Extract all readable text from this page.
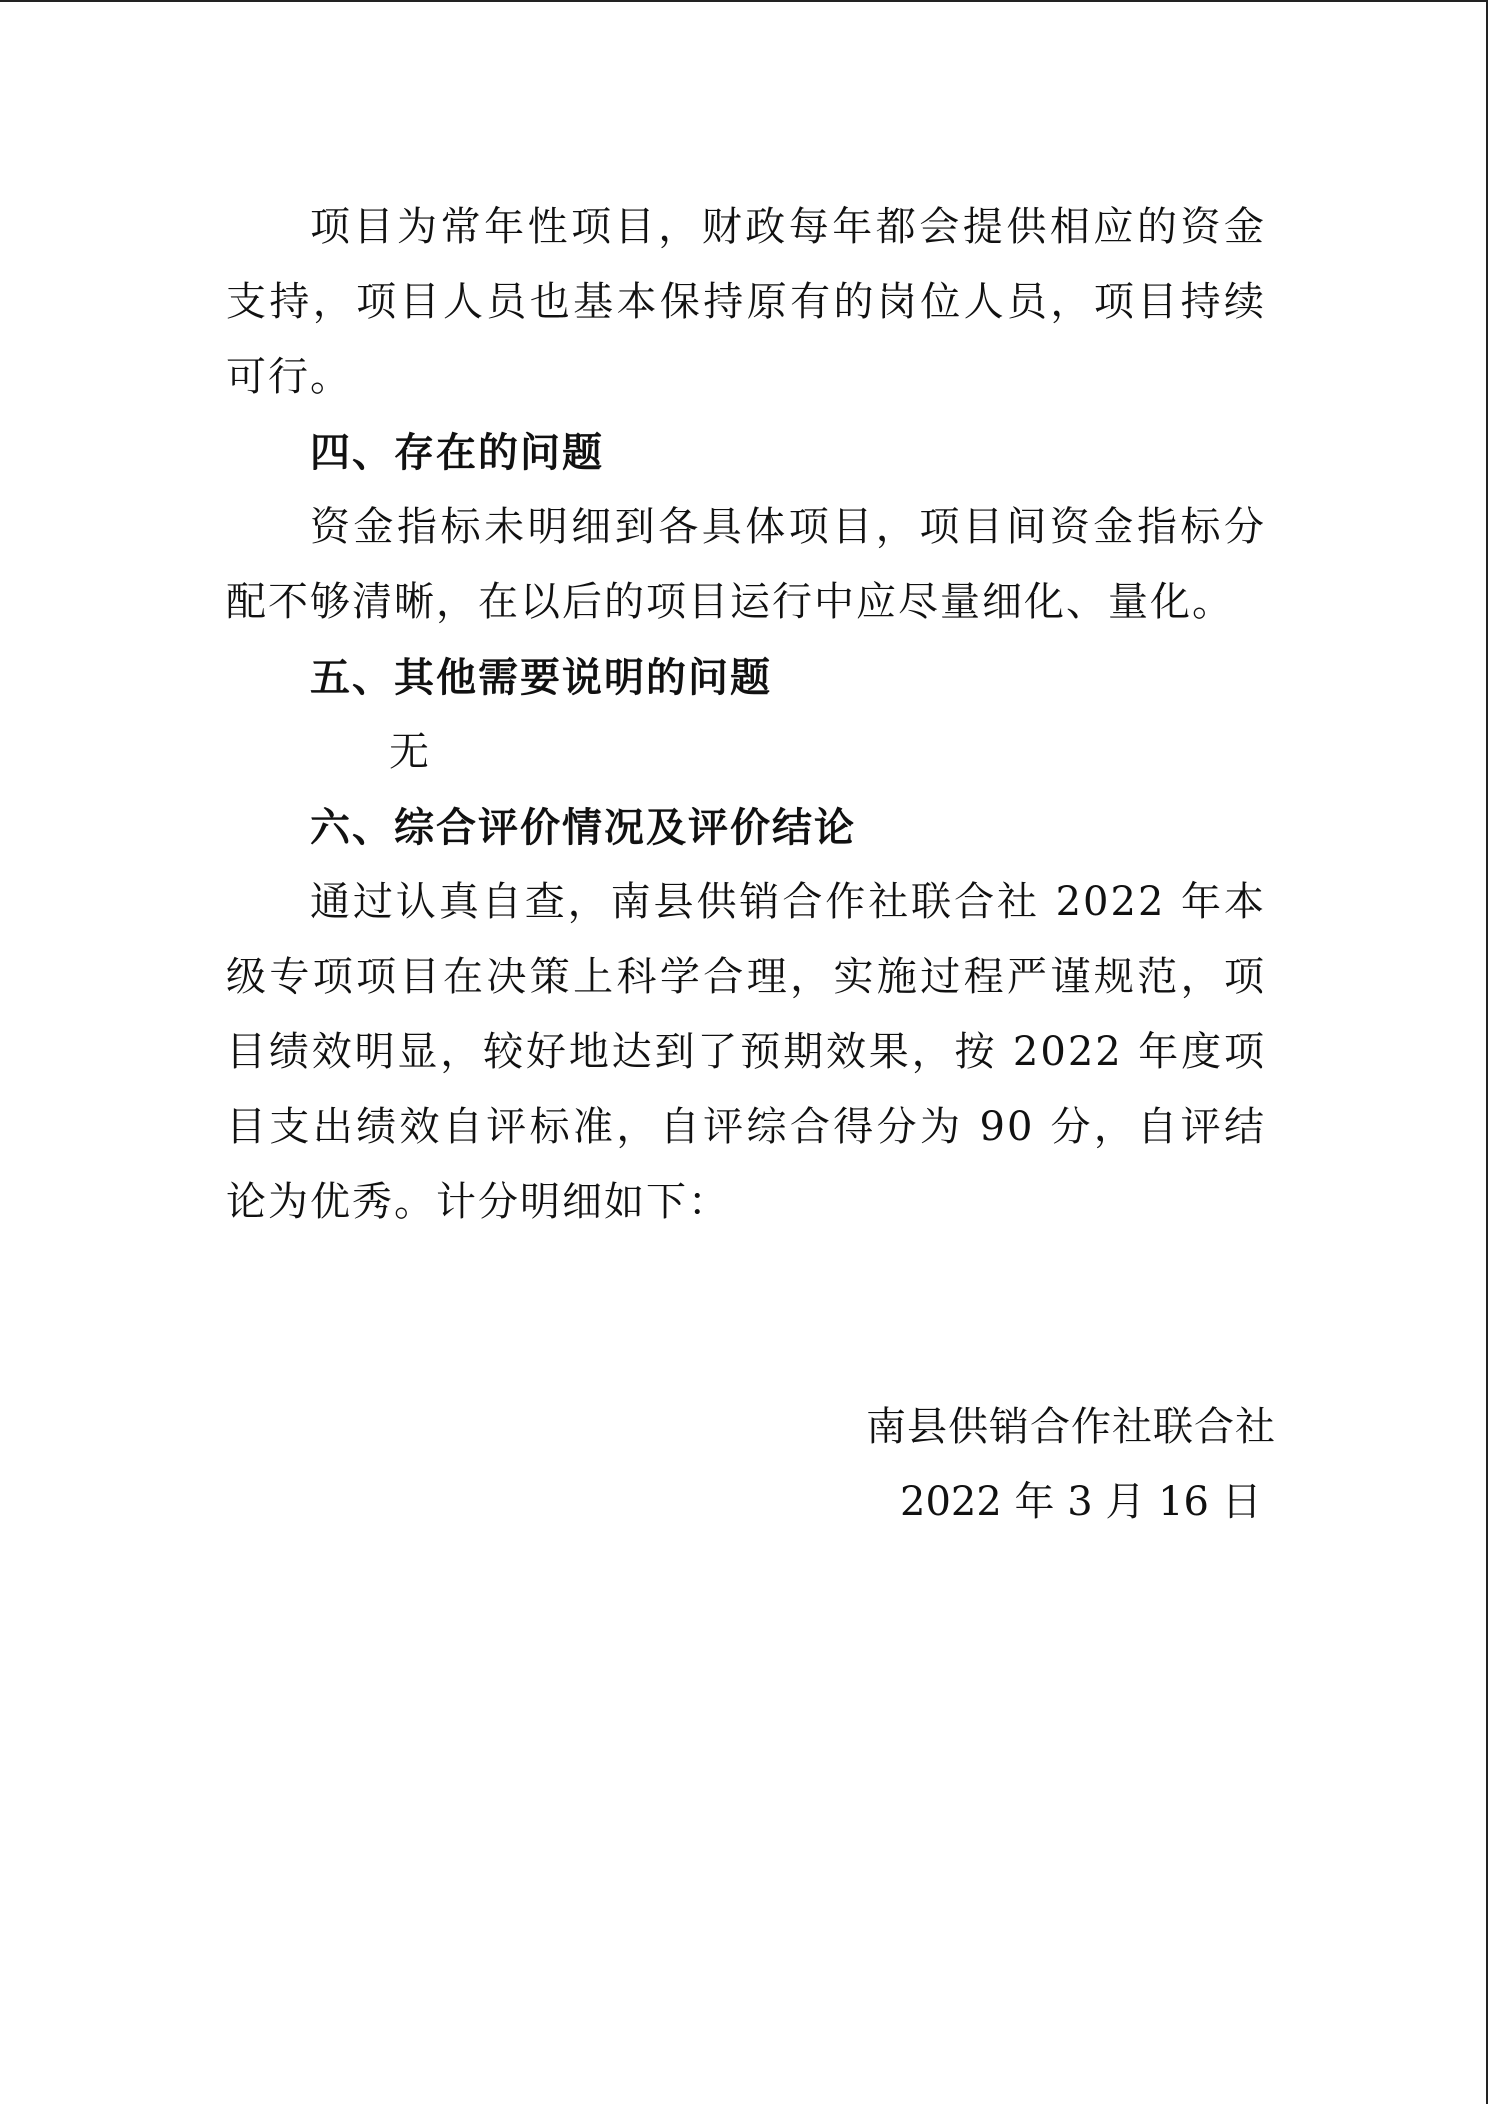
项目为常年性项目，财政每年都会提供相应的资金支持，项目人员也基本保持原有的岗位人员，项目持续可行。

四、存在的问题

资金指标未明细到各具体项目，项目间资金指标分配不够清晰，在以后的项目运行中应尽量细化、量化。

五、其他需要说明的问题

无

六、综合评价情况及评价结论

通过认真自查，南县供销合作社联合社 2022 年本级专项项目在决策上科学合理，实施过程严谨规范，项目绩效明显，较好地达到了预期效果，按 2022 年度项目支出绩效自评标准，自评综合得分为 90 分，自评结论为优秀。计分明细如下：

南县供销合作社联合社

2022 年 3 月 16 日
